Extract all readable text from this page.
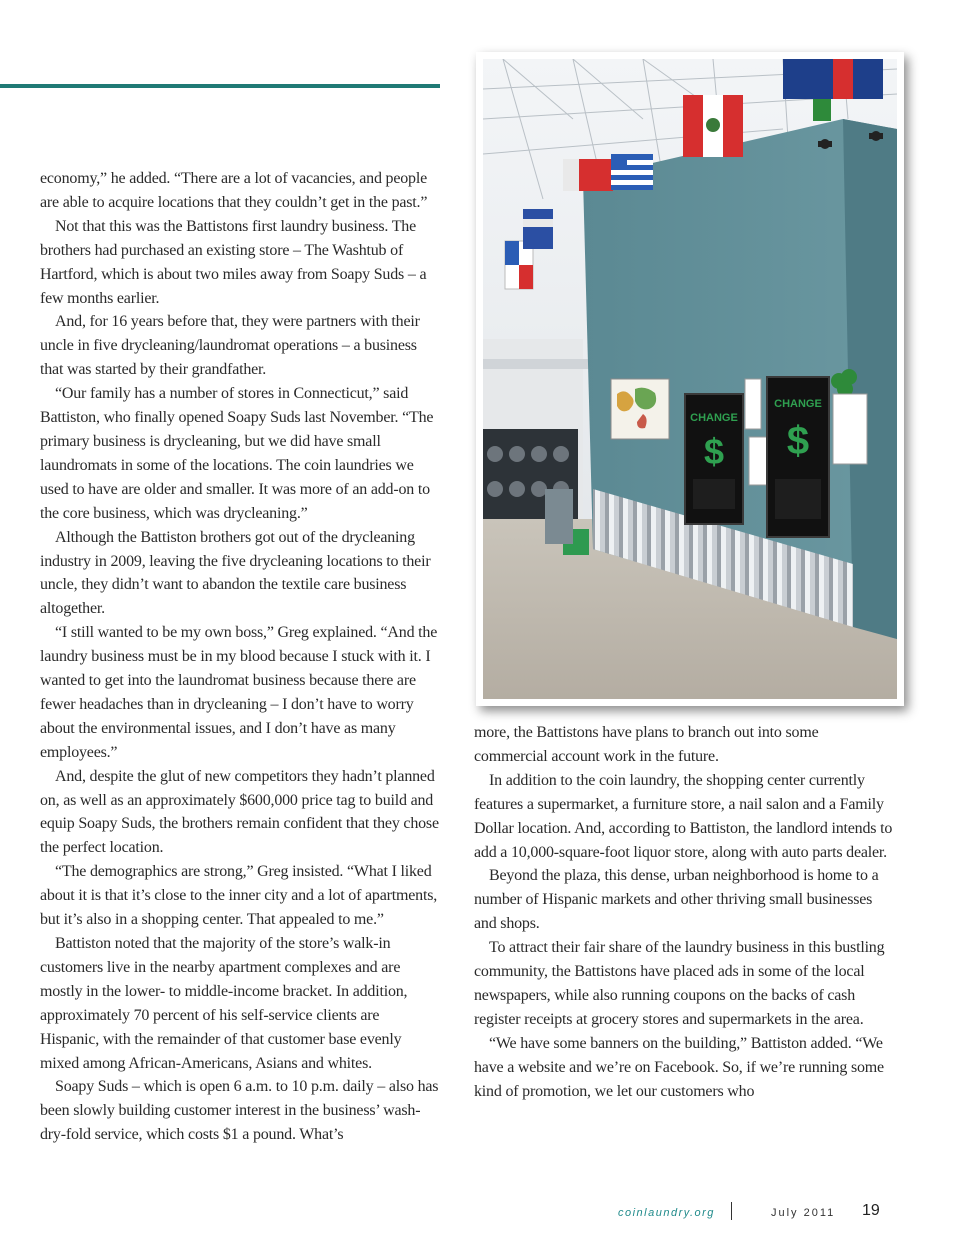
economy,” he added. “There are a lot of vacancies, and people are able to acquire locations that they couldn’t get in the past.”

Not that this was the Battistons first laundry business. The brothers had purchased an existing store – The Washtub of Hartford, which is about two miles away from Soapy Suds – a few months earlier.

And, for 16 years before that, they were partners with their uncle in five drycleaning/laundromat operations – a business that was started by their grandfather.

“Our family has a number of stores in Connecticut,” said Battiston, who finally opened Soapy Suds last November. “The primary business is drycleaning, but we did have small laundromats in some of the locations. The coin laundries we used to have are older and smaller. It was more of an add-on to the core business, which was drycleaning.”

Although the Battiston brothers got out of the drycleaning industry in 2009, leaving the five drycleaning locations to their uncle, they didn’t want to abandon the textile care business altogether.

“I still wanted to be my own boss,” Greg explained. “And the laundry business must be in my blood because I stuck with it. I wanted to get into the laundromat business because there are fewer headaches than in drycleaning – I don’t have to worry about the environmental issues, and I don’t have as many employees.”

And, despite the glut of new competitors they hadn’t planned on, as well as an approximately $600,000 price tag to build and equip Soapy Suds, the brothers remain confident that they chose the perfect location.

“The demographics are strong,” Greg insisted. “What I liked about it is that it’s close to the inner city and a lot of apartments, but it’s also in a shopping center. That appealed to me.”

Battiston noted that the majority of the store’s walk-in customers live in the nearby apartment complexes and are mostly in the lower- to middle-income bracket. In addition, approximately 70 percent of his self-service clients are Hispanic, with the remainder of that customer base evenly mixed among African-Americans, Asians and whites.

Soapy Suds – which is open 6 a.m. to 10 p.m. daily – also has been slowly building customer interest in the business’ wash-dry-fold service, which costs $1 a pound. What’s

CHANGE
$
CHANGE
$

more, the Battistons have plans to branch out into some commercial account work in the future.

In addition to the coin laundry, the shopping center currently features a supermarket, a furniture store, a nail salon and a Family Dollar location. And, according to Battiston, the landlord intends to add a 10,000-square-foot liquor store, along with auto parts dealer.

Beyond the plaza, this dense, urban neighborhood is home to a number of Hispanic markets and other thriving small businesses and shops.

To attract their fair share of the laundry business in this bustling community, the Battistons have placed ads in some of the local newspapers, while also running coupons on the backs of cash register receipts at grocery stores and supermarkets in the area.

“We have some banners on the building,” Battiston added. “We have a website and we’re on Facebook. So, if we’re running some kind of promotion, we let our customers who

coinlaundry.org	July 2011 19
